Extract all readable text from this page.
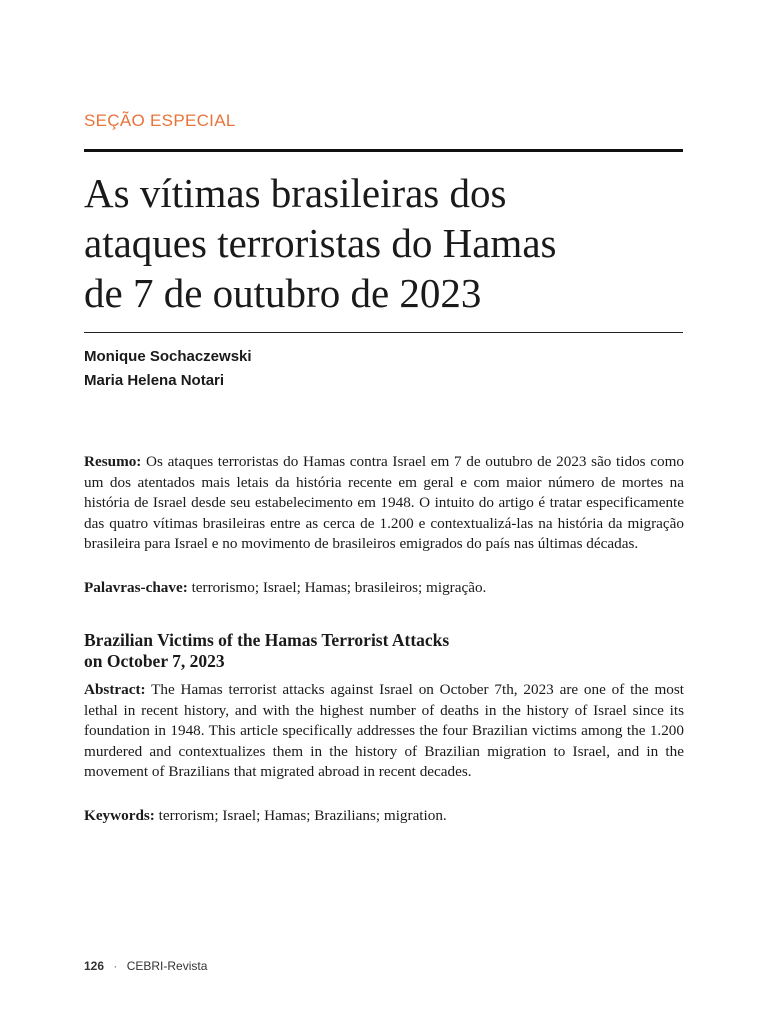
SEÇÃO ESPECIAL
As vítimas brasileiras dos
ataques terroristas do Hamas
de 7 de outubro de 2023
Monique Sochaczewski
Maria Helena Notari

Resumo: Os ataques terroristas do Hamas contra Israel em 7 de outubro de 2023 são tidos como um dos atentados mais letais da história recente em geral e com maior número de mortes na história de Israel desde seu estabelecimento em 1948. O intuito do artigo é tratar especificamente das quatro vítimas brasileiras entre as cerca de 1.200 e contextualizá-las na história da migração brasileira para Israel e no movimento de brasileiros emigrados do país nas últimas décadas.

Palavras-chave: terrorismo; Israel; Hamas; brasileiros; migração.

Brazilian Victims of the Hamas Terrorist Attacks
on October 7, 2023

Abstract: The Hamas terrorist attacks against Israel on October 7th, 2023 are one of the most lethal in recent history, and with the highest number of deaths in the history of Israel since its foundation in 1948. This article specifically addresses the four Brazilian victims among the 1.200 murdered and contextualizes them in the history of Brazilian migration to Israel, and in the movement of Brazilians that migrated abroad in recent decades.

Keywords: terrorism; Israel; Hamas; Brazilians; migration.

126 · CEBRI-Revista
